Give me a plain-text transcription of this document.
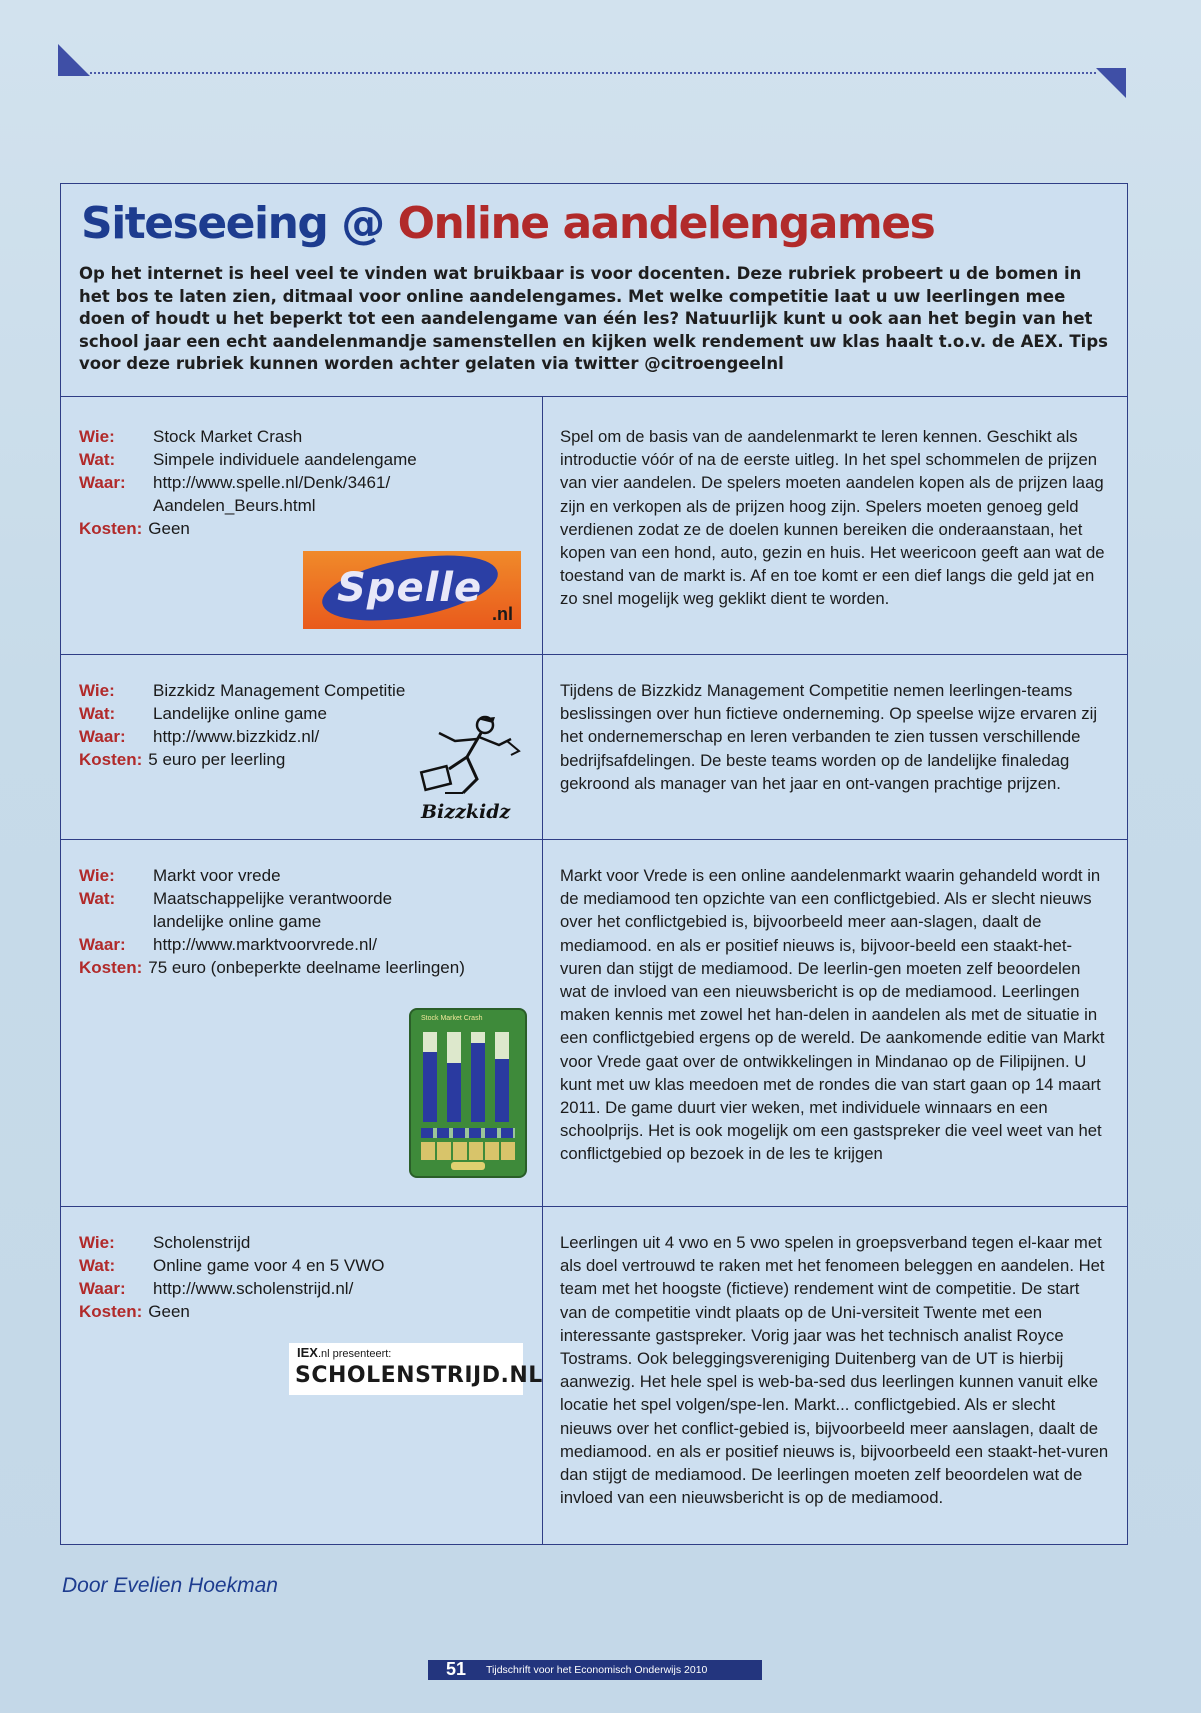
Siteseeing @ Online aandelengames

Op het internet is heel veel te vinden wat bruikbaar is voor docenten. Deze rubriek probeert u de bomen in het bos te laten zien, ditmaal voor online aandelengames. Met welke competitie laat u uw leerlingen mee doen of houdt u het beperkt tot een aandelengame van één les? Natuurlijk kunt u ook aan het begin van het school jaar een echt aandelenmandje samenstellen en kijken welk rendement uw klas haalt t.o.v. de AEX. Tips voor deze rubriek kunnen worden achter gelaten via twitter @citroengeelnl

Wie: Stock Market Crash
Wat: Simpele individuele aandelengame
Waar: http://www.spelle.nl/Denk/3461/
Aandelen_Beurs.html
Kosten: Geen
Spelle
.nl

Spel om de basis van de aandelenmarkt te leren kennen. Geschikt als introductie vóór of na de eerste uitleg. In het spel schommelen de prijzen van vier aandelen. De spelers moeten aandelen kopen als de prijzen laag zijn en verkopen als de prijzen hoog zijn. Spelers moeten genoeg geld verdienen zodat ze de doelen kunnen bereiken die onderaanstaan, het kopen van een hond, auto, gezin en huis. Het weericoon geeft aan wat de toestand van de markt is. Af en toe komt er een dief langs die geld jat en zo snel mogelijk weg geklikt dient te worden.

Wie: Bizzkidz Management Competitie
Wat: Landelijke online game
Waar: http://www.bizzkidz.nl/
Kosten: 5 euro per leerling
Bizzkidz

Tijdens de Bizzkidz Management Competitie nemen leerlingen-teams beslissingen over hun fictieve onderneming. Op speelse wijze ervaren zij het ondernemerschap en leren verbanden te zien tussen verschillende bedrijfsafdelingen. De beste teams worden op de landelijke finaledag gekroond als manager van het jaar en ont-vangen prachtige prijzen.

Wie: Markt voor vrede
Wat: Maatschappelijke verantwoorde
landelijke online game
Waar: http://www.marktvoorvrede.nl/
Kosten: 75 euro (onbeperkte deelname leerlingen)
Stock Market Crash

Markt voor Vrede is een online aandelenmarkt waarin gehandeld wordt in de mediamood ten opzichte van een conflictgebied. Als er slecht nieuws over het conflictgebied is, bijvoorbeeld meer aan-slagen, daalt de mediamood. en als er positief nieuws is, bijvoor-beeld een staakt-het-vuren dan stijgt de mediamood. De leerlin-gen moeten zelf beoordelen wat de invloed van een nieuwsbericht is op de mediamood. Leerlingen maken kennis met zowel het han-delen in aandelen als met de situatie in een conflictgebied ergens op de wereld. De aankomende editie van Markt voor Vrede gaat over de ontwikkelingen in Mindanao op de Filipijnen. U kunt met uw klas meedoen met de rondes die van start gaan op 14 maart 2011. De game duurt vier weken, met individuele winnaars en een schoolprijs. Het is ook mogelijk om een gastspreker die veel weet van het conflictgebied op bezoek in de les te krijgen

Wie: Scholenstrijd
Wat: Online game voor 4 en 5 VWO
Waar: http://www.scholenstrijd.nl/
Kosten: Geen
IEX.nl presenteert:
SCHOLENSTRIJD.NL

Leerlingen uit 4 vwo en 5 vwo spelen in groepsverband tegen el-kaar met als doel vertrouwd te raken met het fenomeen beleggen en aandelen. Het team met het hoogste (fictieve) rendement wint de competitie. De start van de competitie vindt plaats op de Uni-versiteit Twente met een interessante gastspreker. Vorig jaar was het technisch analist Royce Tostrams. Ook beleggingsvereniging Duitenberg van de UT is hierbij aanwezig. Het hele spel is web-ba-sed dus leerlingen kunnen vanuit elke locatie het spel volgen/spe-len. Markt... conflictgebied. Als er slecht nieuws over het conflict-gebied is, bijvoorbeeld meer aanslagen, daalt de mediamood. en als er positief nieuws is, bijvoorbeeld een staakt-het-vuren dan stijgt de mediamood. De leerlingen moeten zelf beoordelen wat de invloed van een nieuwsbericht is op de mediamood.

Door Evelien Hoekman

51 Tijdschrift voor het Economisch Onderwijs 2010
